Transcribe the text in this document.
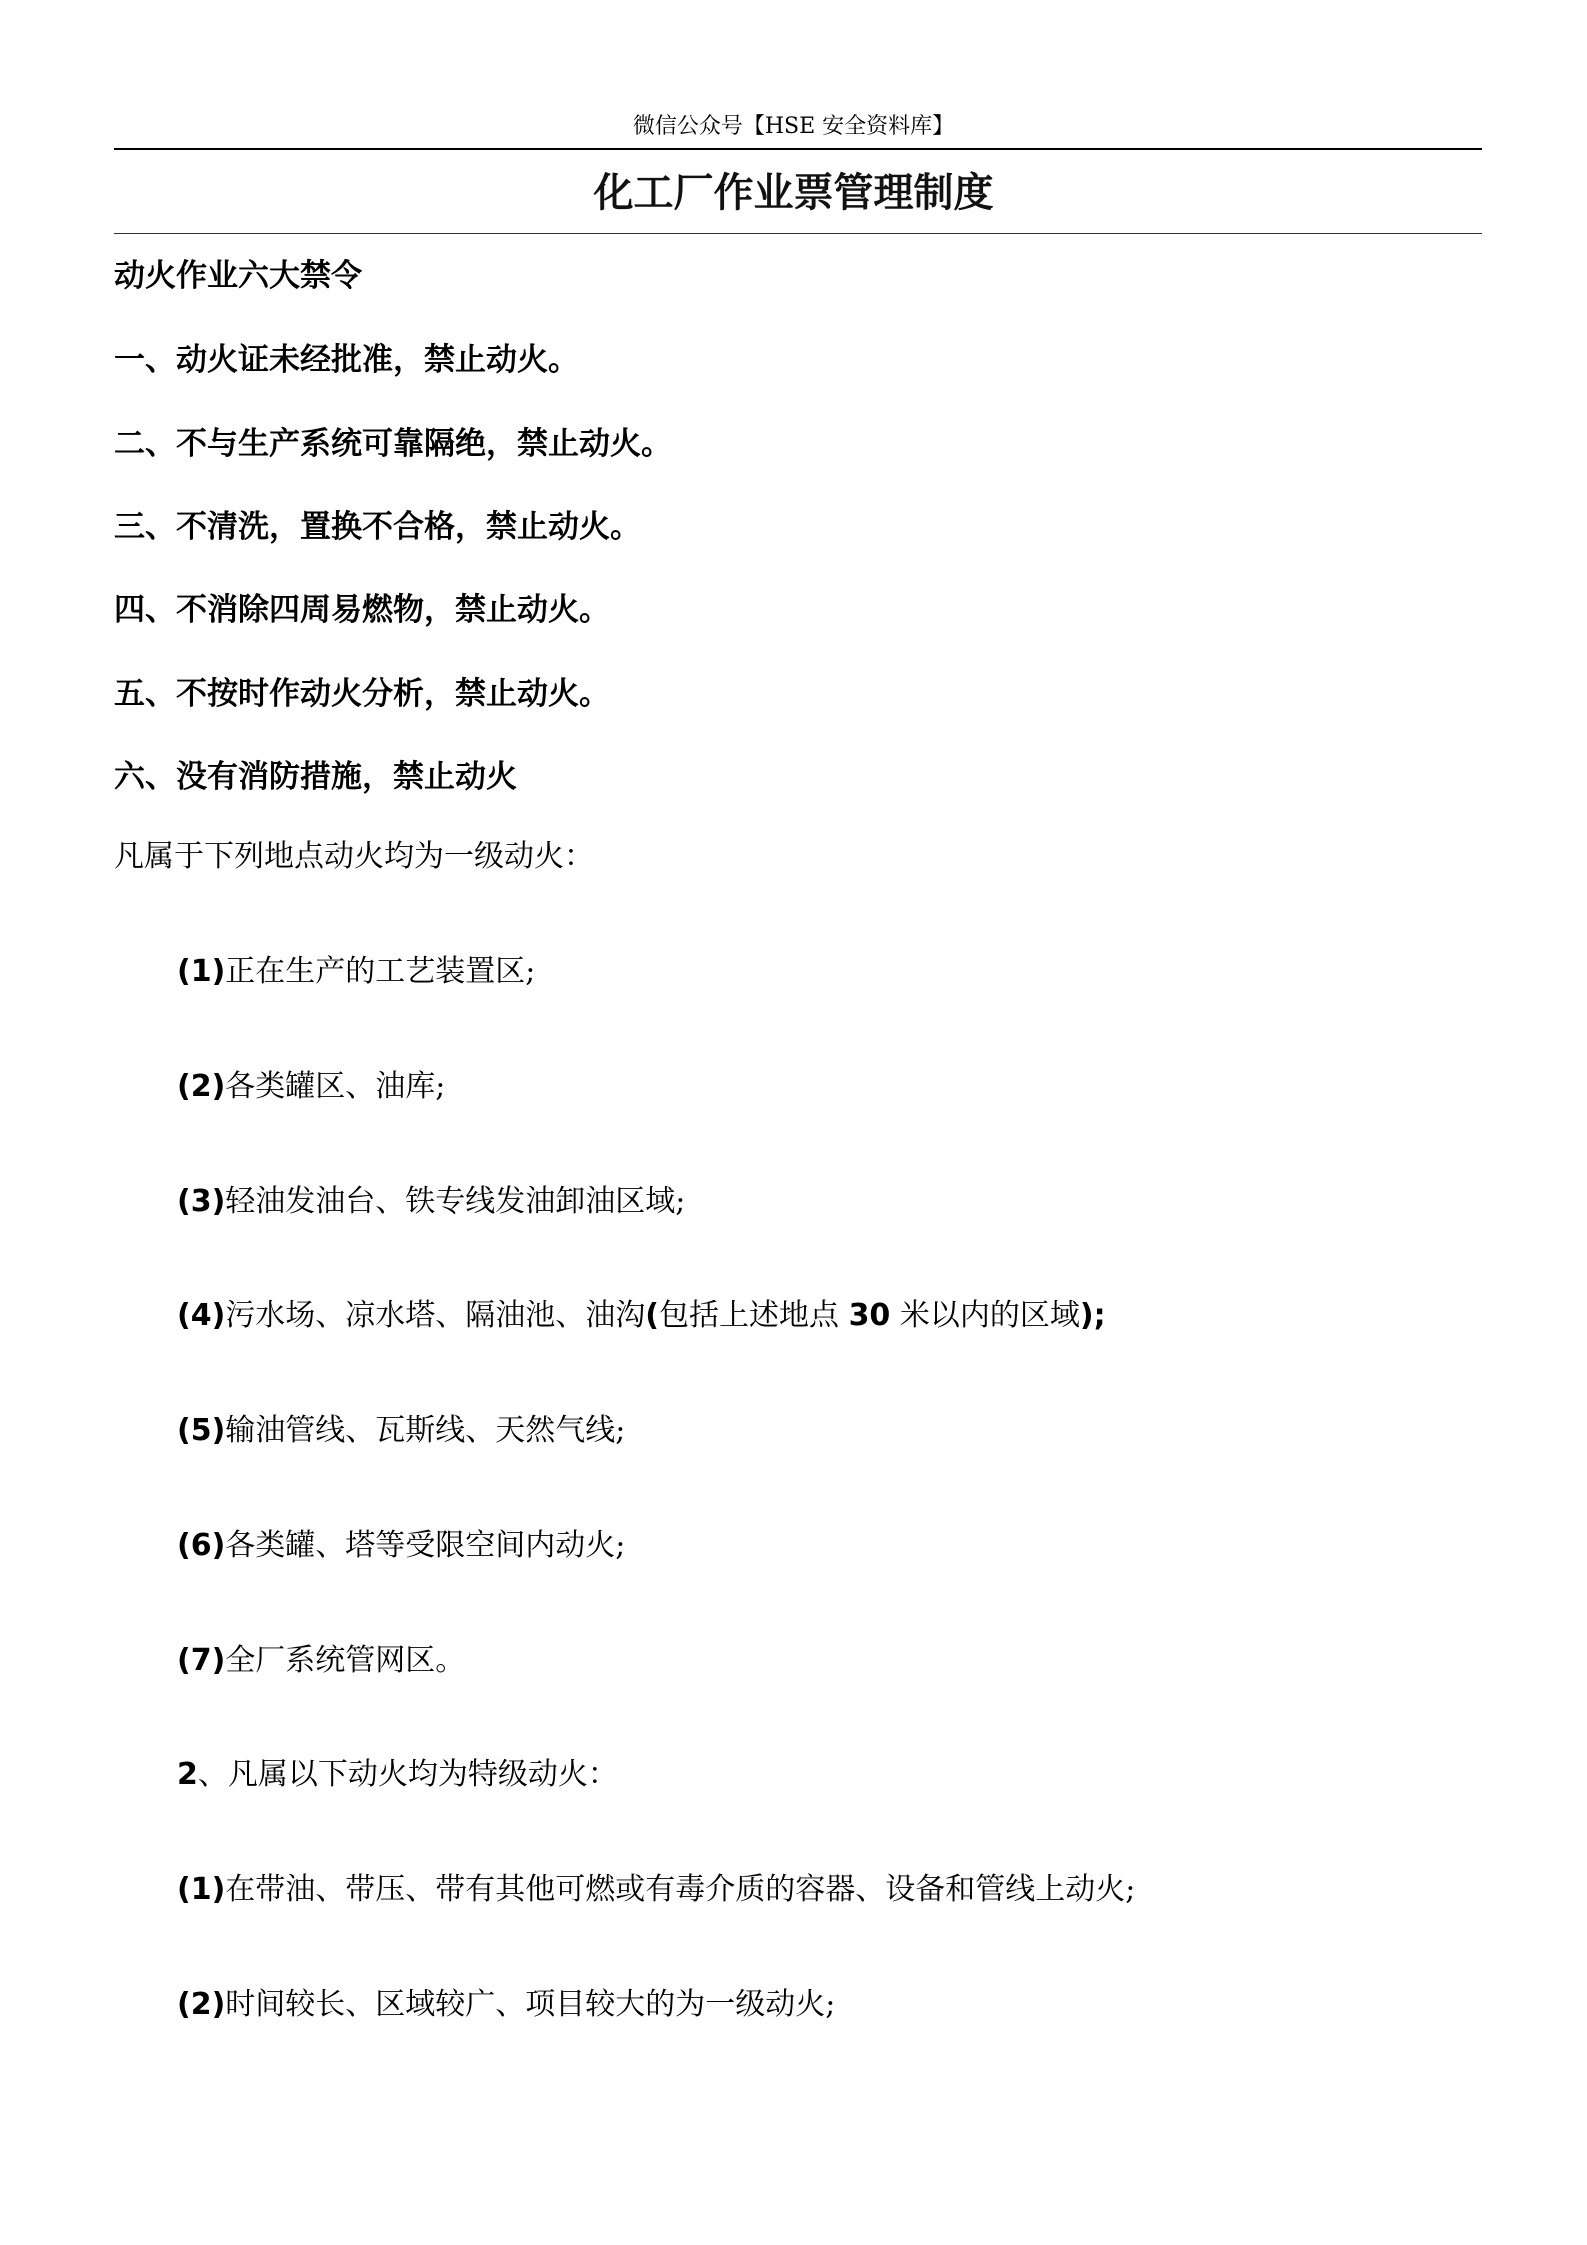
微信公众号【HSE 安全资料库】
化工厂作业票管理制度
动火作业六大禁令
一、动火证未经批准，禁止动火。
二、不与生产系统可靠隔绝，禁止动火。
三、不清洗，置换不合格，禁止动火。
四、不消除四周易燃物，禁止动火。
五、不按时作动火分析，禁止动火。
六、没有消防措施，禁止动火
凡属于下列地点动火均为一级动火：
(1)正在生产的工艺装置区;
(2)各类罐区、油库;
(3)轻油发油台、铁专线发油卸油区域;
(4)污水场、凉水塔、隔油池、油沟(包括上述地点 30 米以内的区域);
(5)输油管线、瓦斯线、天然气线;
(6)各类罐、塔等受限空间内动火;
(7)全厂系统管网区。
2、凡属以下动火均为特级动火：
(1)在带油、带压、带有其他可燃或有毒介质的容器、设备和管线上动火;
(2)时间较长、区域较广、项目较大的为一级动火;
